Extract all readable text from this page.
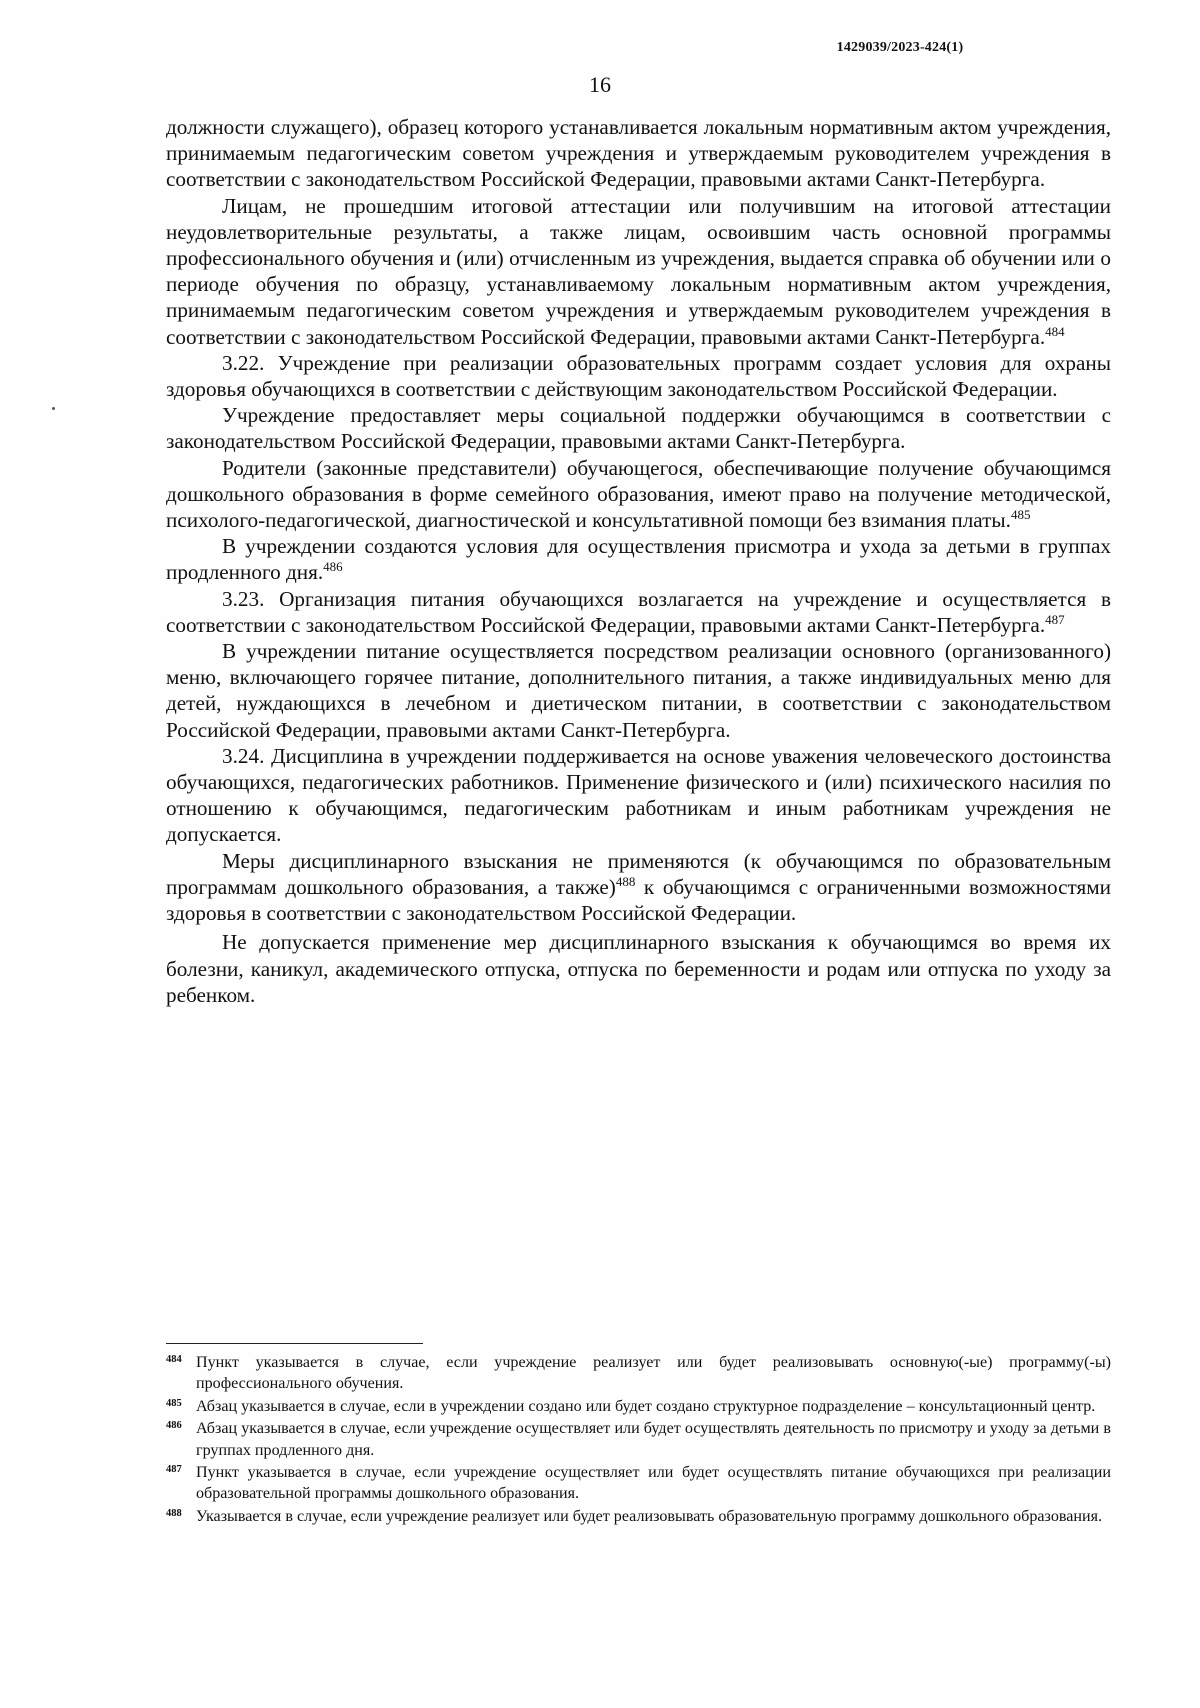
1429039/2023-424(1)
16

должности служащего), образец которого устанавливается локальным нормативным актом учреждения, принимаемым педагогическим советом учреждения и утверждаемым руководителем учреждения в соответствии с законодательством Российской Федерации, правовыми актами Санкт-Петербурга.

Лицам, не прошедшим итоговой аттестации или получившим на итоговой аттестации неудовлетворительные результаты, а также лицам, освоившим часть основной программы профессионального обучения и (или) отчисленным из учреждения, выдается справка об обучении или о периоде обучения по образцу, устанавливаемому локальным нормативным актом учреждения, принимаемым педагогическим советом учреждения и утверждаемым руководителем учреждения в соответствии с законодательством Российской Федерации, правовыми актами Санкт-Петербурга.$^{484}$

3.22. Учреждение при реализации образовательных программ создает условия для охраны здоровья обучающихся в соответствии с действующим законодательством Российской Федерации.

Учреждение предоставляет меры социальной поддержки обучающимся в соответствии с законодательством Российской Федерации, правовыми актами Санкт-Петербурга.

Родители (законные представители) обучающегося, обеспечивающие получение обучающимся дошкольного образования в форме семейного образования, имеют право на получение методической, психолого-педагогической, диагностической и консультативной помощи без взимания платы.$^{485}$

В учреждении создаются условия для осуществления присмотра и ухода за детьми в группах продленного дня.$^{486}$

3.23. Организация питания обучающихся возлагается на учреждение и осуществляется в соответствии с законодательством Российской Федерации, правовыми актами Санкт-Петербурга.$^{487}$

В учреждении питание осуществляется посредством реализации основного (организованного) меню, включающего горячее питание, дополнительного питания, а также индивидуальных меню для детей, нуждающихся в лечебном и диетическом питании, в соответствии с законодательством Российской Федерации, правовыми актами Санкт-Петербурга.

3.24. Дисциплина в учреждении поддерживается на основе уважения человеческого достоинства обучающихся, педагогических работников. Применение физического и (или) психического насилия по отношению к обучающимся, педагогическим работникам и иным работникам учреждения не допускается.

Меры дисциплинарного взыскания не применяются (к обучающимся по образовательным программам дошкольного образования, а также)$^{488}$ к обучающимся с ограниченными возможностями здоровья в соответствии с законодательством Российской Федерации.

Не допускается применение мер дисциплинарного взыскания к обучающимся во время их болезни, каникул, академического отпуска, отпуска по беременности и родам или отпуска по уходу за ребенком.

484 Пункт указывается в случае, если учреждение реализует или будет реализовывать основную(-ые) программу(-ы) профессионального обучения.
485 Абзац указывается в случае, если в учреждении создано или будет создано структурное подразделение – консультационный центр.
486 Абзац указывается в случае, если учреждение осуществляет или будет осуществлять деятельность по присмотру и уходу за детьми в группах продленного дня.
487 Пункт указывается в случае, если учреждение осуществляет или будет осуществлять питание обучающихся при реализации образовательной программы дошкольного образования.
488 Указывается в случае, если учреждение реализует или будет реализовывать образовательную программу дошкольного образования.
